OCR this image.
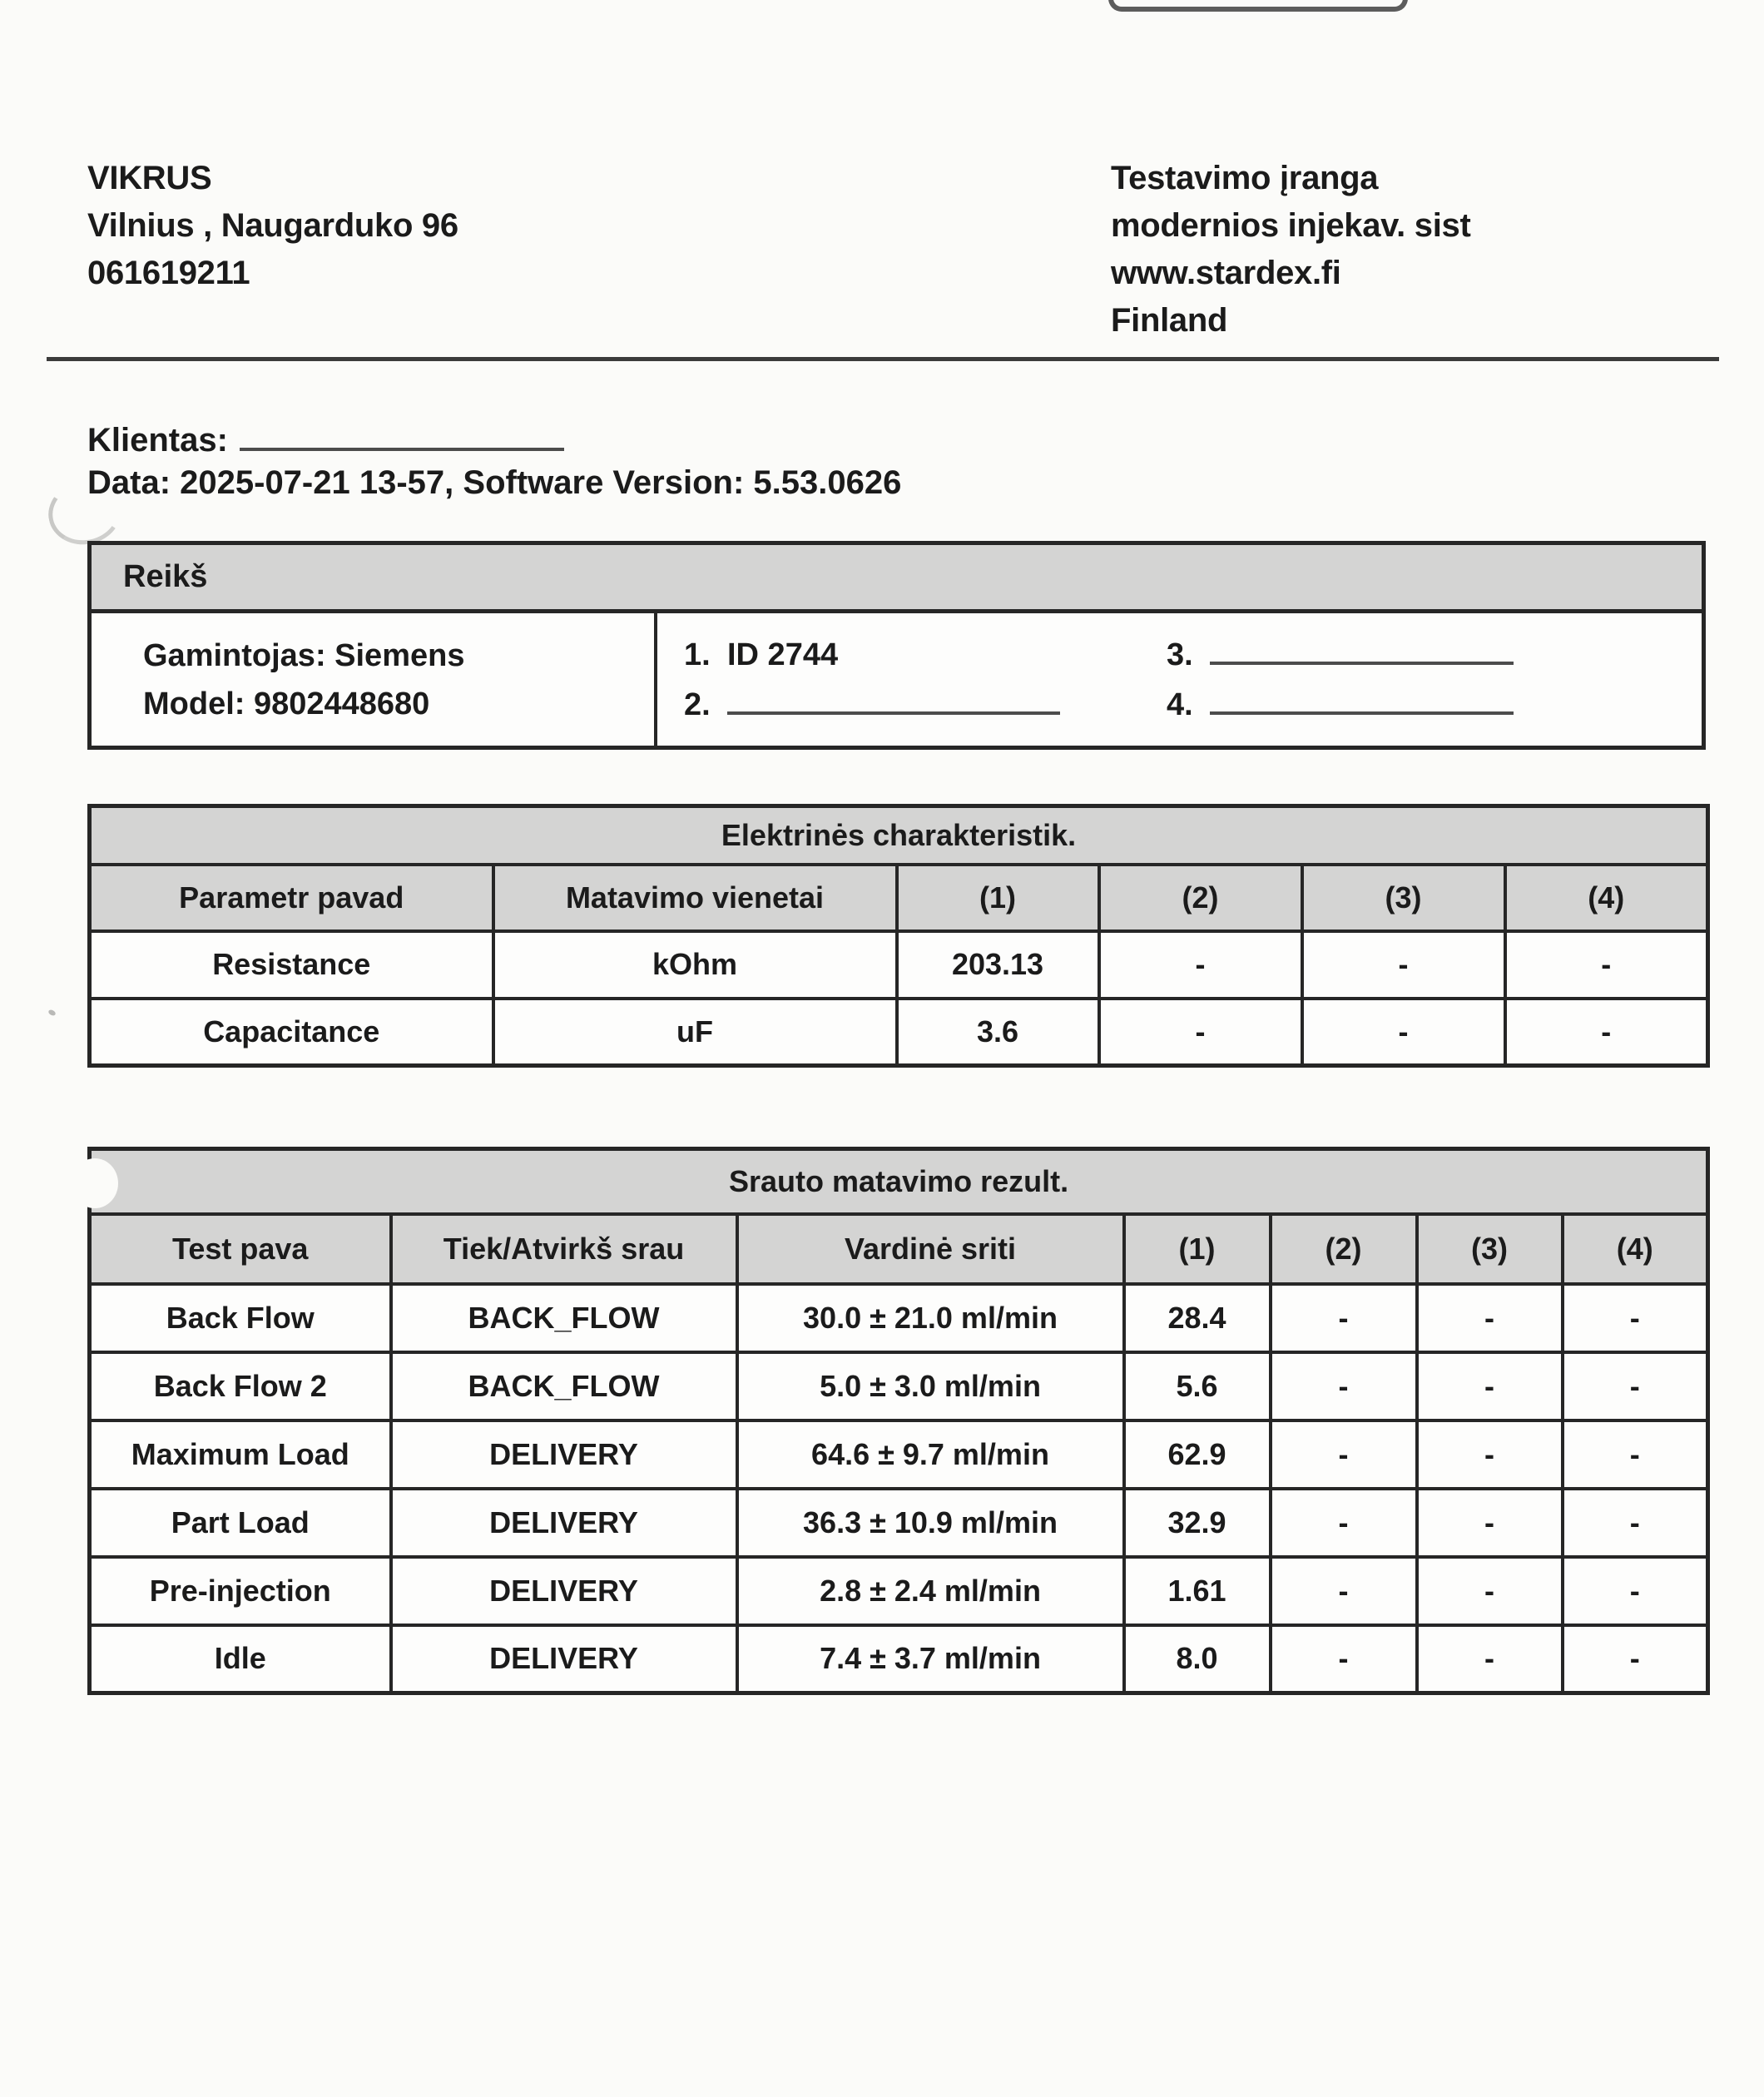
VIKRUS
Vilnius , Naugarduko 96
061619211
Testavimo įranga
modernios injekav. sist
www.stardex.fi
Finland
Klientas:
Data: 2025-07-21 13-57, Software Version: 5.53.0626
Reikš
Gamintojas: Siemens
Model: 9802448680
1. ID 2744
2.
3.
4.
Elektrinės charakteristik.					
Parametr pavad	Matavimo vienetai	(1)	(2)	(3)	(4)
Resistance	kOhm	203.13	-	-	-
Capacitance	uF	3.6	-	-	-
Srauto matavimo rezult.						
Test pava	Tiek/Atvirkš srau	Vardinė sriti	(1)	(2)	(3)	(4)
Back Flow	BACK_FLOW	30.0 ± 21.0 ml/min	28.4	-	-	-
Back Flow 2	BACK_FLOW	5.0 ± 3.0 ml/min	5.6	-	-	-
Maximum Load	DELIVERY	64.6 ± 9.7 ml/min	62.9	-	-	-
Part Load	DELIVERY	36.3 ± 10.9 ml/min	32.9	-	-	-
Pre-injection	DELIVERY	2.8 ± 2.4 ml/min	1.61	-	-	-
Idle	DELIVERY	7.4 ± 3.7 ml/min	8.0	-	-	-
